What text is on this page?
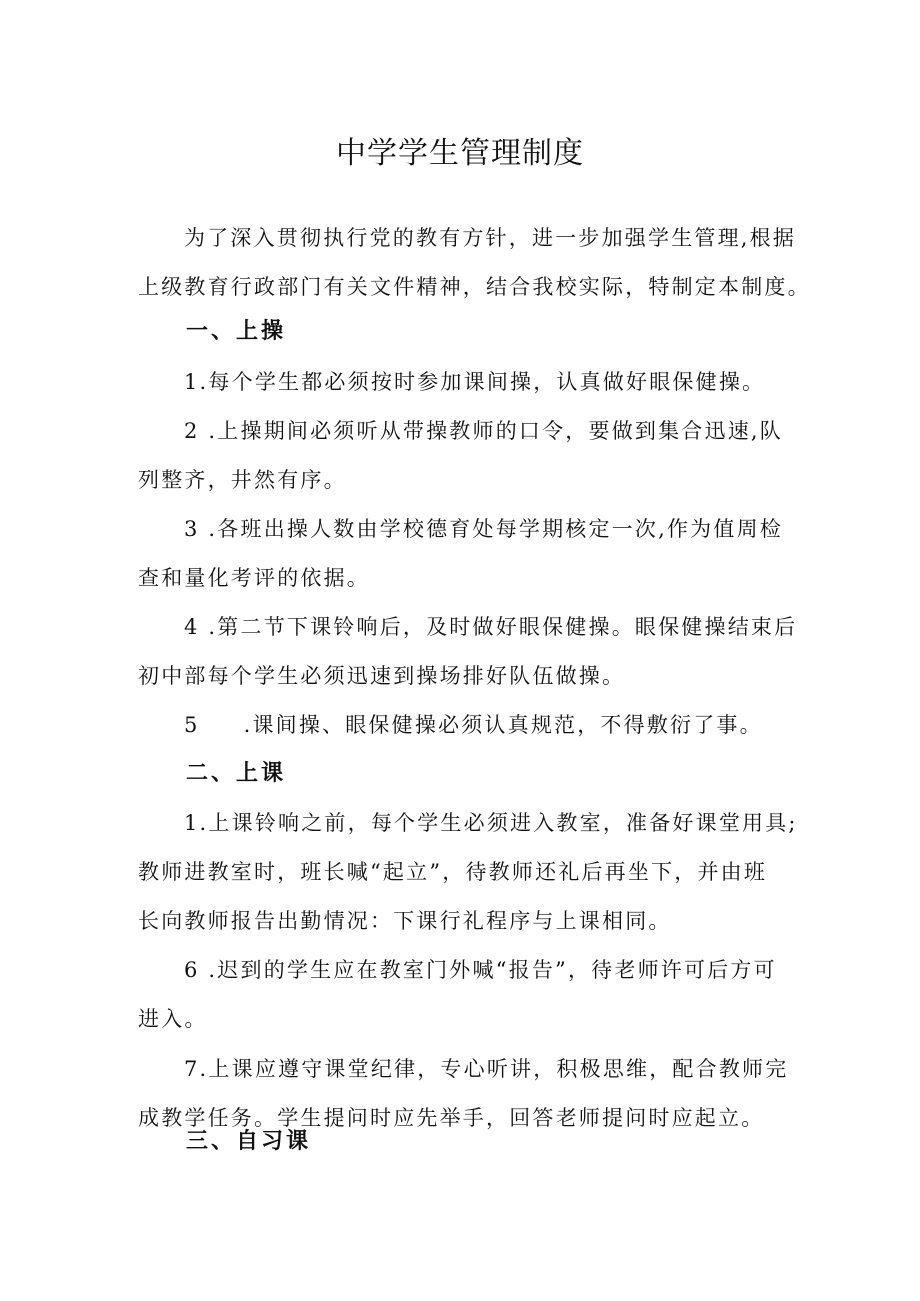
中学学生管理制度

为了深入贯彻执行党的教有方针，进一步加强学生管理,根据
上级教育行政部门有关文件精神，结合我校实际，特制定本制度。

一、上操

1.每个学生都必须按时参加课间操，认真做好眼保健操。

2 .上操期间必须听从带操教师的口令，要做到集合迅速,队
列整齐，井然有序。

3 .各班出操人数由学校德育处每学期核定一次,作为值周检
查和量化考评的依据。

4 .第二节下课铃响后，及时做好眼保健操。眼保健操结束后
初中部每个学生必须迅速到操场排好队伍做操。

5 .课间操、眼保健操必须认真规范，不得敷衍了事。

二、上课

1.上课铃响之前，每个学生必须进入教室，准备好课堂用具;
教师进教室时，班长喊“起立”，待教师还礼后再坐下，并由班
长向教师报告出勤情况：下课行礼程序与上课相同。

6 .迟到的学生应在教室门外喊“报告”，待老师许可后方可
进入。

7.上课应遵守课堂纪律，专心听讲，积极思维，配合教师完
成教学任务。学生提问时应先举手，回答老师提问时应起立。

三、自习课
